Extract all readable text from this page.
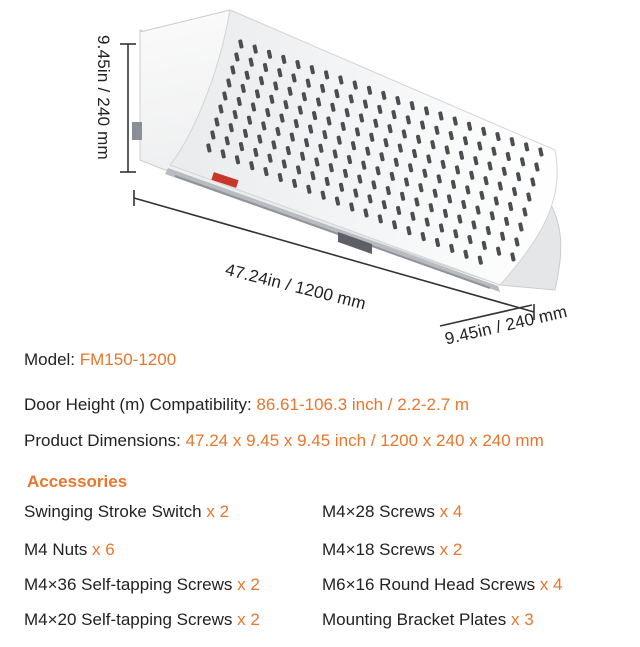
9.45in / 240 mm
47.24in / 1200 mm
9.45in / 240 mm
Model: FM150-1200
Door Height (m) Compatibility: 86.61-106.3 inch / 2.2-2.7 m
Product Dimensions: 47.24 x 9.45 x 9.45 inch / 1200 x 240 x 240 mm
Accessories
Swinging Stroke Switch x 2	M4×28 Screws x 4
M4 Nuts x 6	M4×18 Screws x 2
M4×36 Self-tapping Screws x 2	M6×16 Round Head Screws x 4
M4×20 Self-tapping Screws x 2	Mounting Bracket Plates x 3
